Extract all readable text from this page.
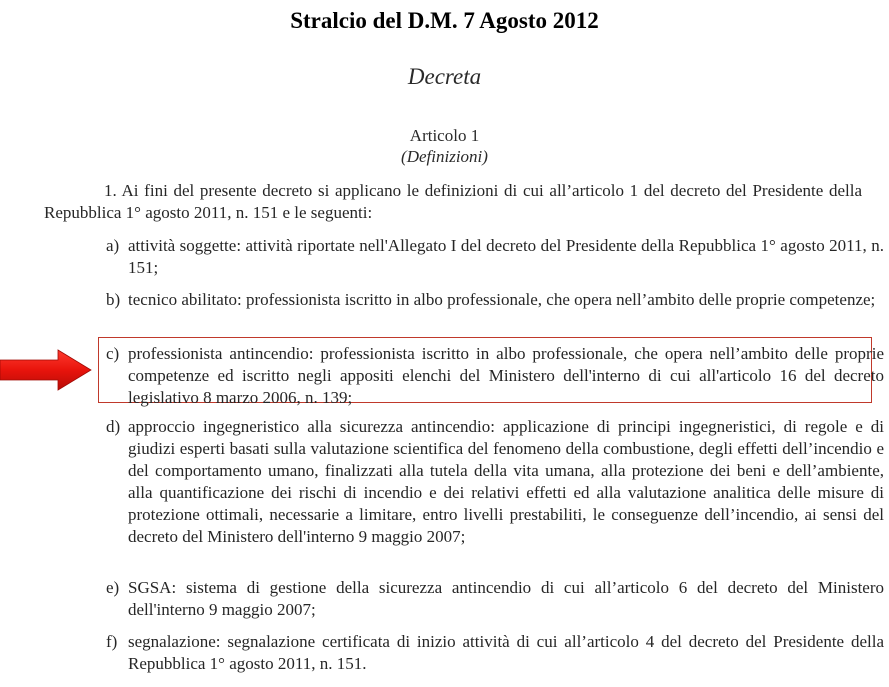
Stralcio del D.M. 7 Agosto 2012
Decreta
Articolo 1
(Definizioni)

1. Ai fini del presente decreto si applicano le definizioni di cui all’articolo 1 del decreto del Presidente della Repubblica 1° agosto 2011, n. 151 e le seguenti:

a) attività soggette: attività riportate nell'Allegato I del decreto del Presidente della Repubblica 1° agosto 2011, n. 151;

b) tecnico abilitato: professionista iscritto in albo professionale, che opera nell’ambito delle proprie competenze;

c) professionista antincendio: professionista iscritto in albo professionale, che opera nell’ambito delle proprie competenze ed iscritto negli appositi elenchi del Ministero dell'interno di cui all'articolo 16 del decreto legislativo 8 marzo 2006, n. 139;

d) approccio ingegneristico alla sicurezza antincendio: applicazione di principi ingegneristici, di regole e di giudizi esperti basati sulla valutazione scientifica del fenomeno della combustione, degli effetti dell’incendio e del comportamento umano, finalizzati alla tutela della vita umana, alla protezione dei beni e dell’ambiente, alla quantificazione dei rischi di incendio e dei relativi effetti ed alla valutazione analitica delle misure di protezione ottimali, necessarie a limitare, entro livelli prestabiliti, le conseguenze dell’incendio, ai sensi del decreto del Ministero dell'interno 9 maggio 2007;

e) SGSA: sistema di gestione della sicurezza antincendio di cui all’articolo 6 del decreto del Ministero dell'interno 9 maggio 2007;

f) segnalazione: segnalazione certificata di inizio attività di cui all’articolo 4 del decreto del Presidente della Repubblica 1° agosto 2011, n. 151.
